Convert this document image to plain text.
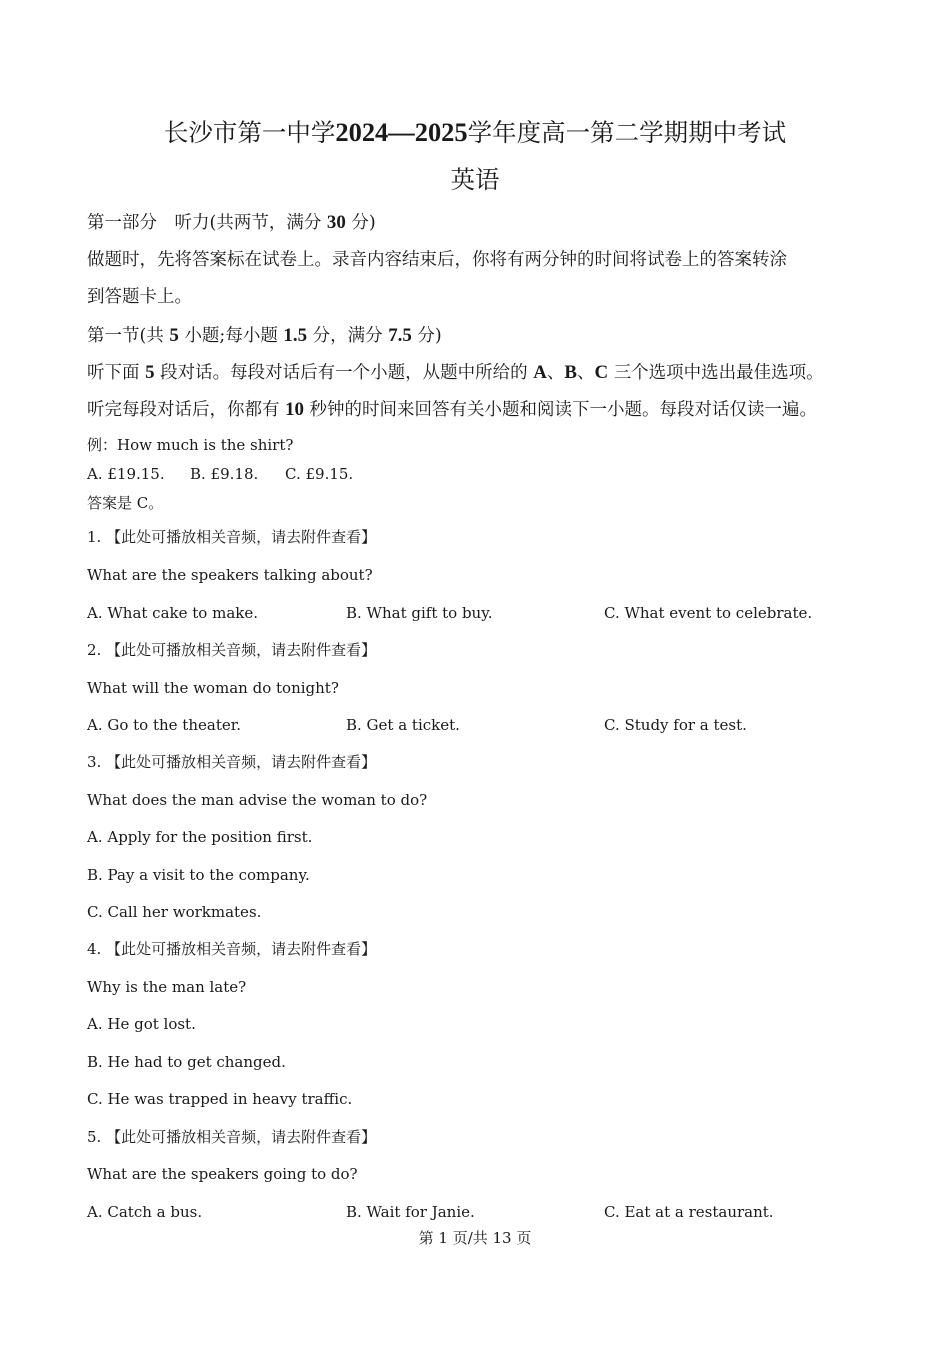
长沙市第一中学2024—2025学年度高一第二学期期中考试
英语
第一部分　听力(共两节，满分 30 分)
做题时，先将答案标在试卷上。录音内容结束后，你将有两分钟的时间将试卷上的答案转涂
到答题卡上。
第一节(共 5 小题;每小题 1.5 分，满分 7.5 分)
听下面 5 段对话。每段对话后有一个小题，从题中所给的 A、B、C 三个选项中选出最佳选项。
听完每段对话后，你都有 10 秒钟的时间来回答有关小题和阅读下一小题。每段对话仅读一遍。
例：How much is the shirt?
A. £19.15. B. £9.18. C. £9.15.
答案是 C。
1. 【此处可播放相关音频，请去附件查看】
What are the speakers talking about?
A. What cake to make.	B. What gift to buy.	C. What event to celebrate.
2. 【此处可播放相关音频，请去附件查看】
What will the woman do tonight?
A. Go to the theater.	B. Get a ticket.	C. Study for a test.
3. 【此处可播放相关音频，请去附件查看】
What does the man advise the woman to do?
A. Apply for the position first.
B. Pay a visit to the company.
C. Call her workmates.
4. 【此处可播放相关音频，请去附件查看】
Why is the man late?
A. He got lost.
B. He had to get changed.
C. He was trapped in heavy traffic.
5. 【此处可播放相关音频，请去附件查看】
What are the speakers going to do?
A. Catch a bus.	B. Wait for Janie.	C. Eat at a restaurant.
第 1 页/共 13 页
